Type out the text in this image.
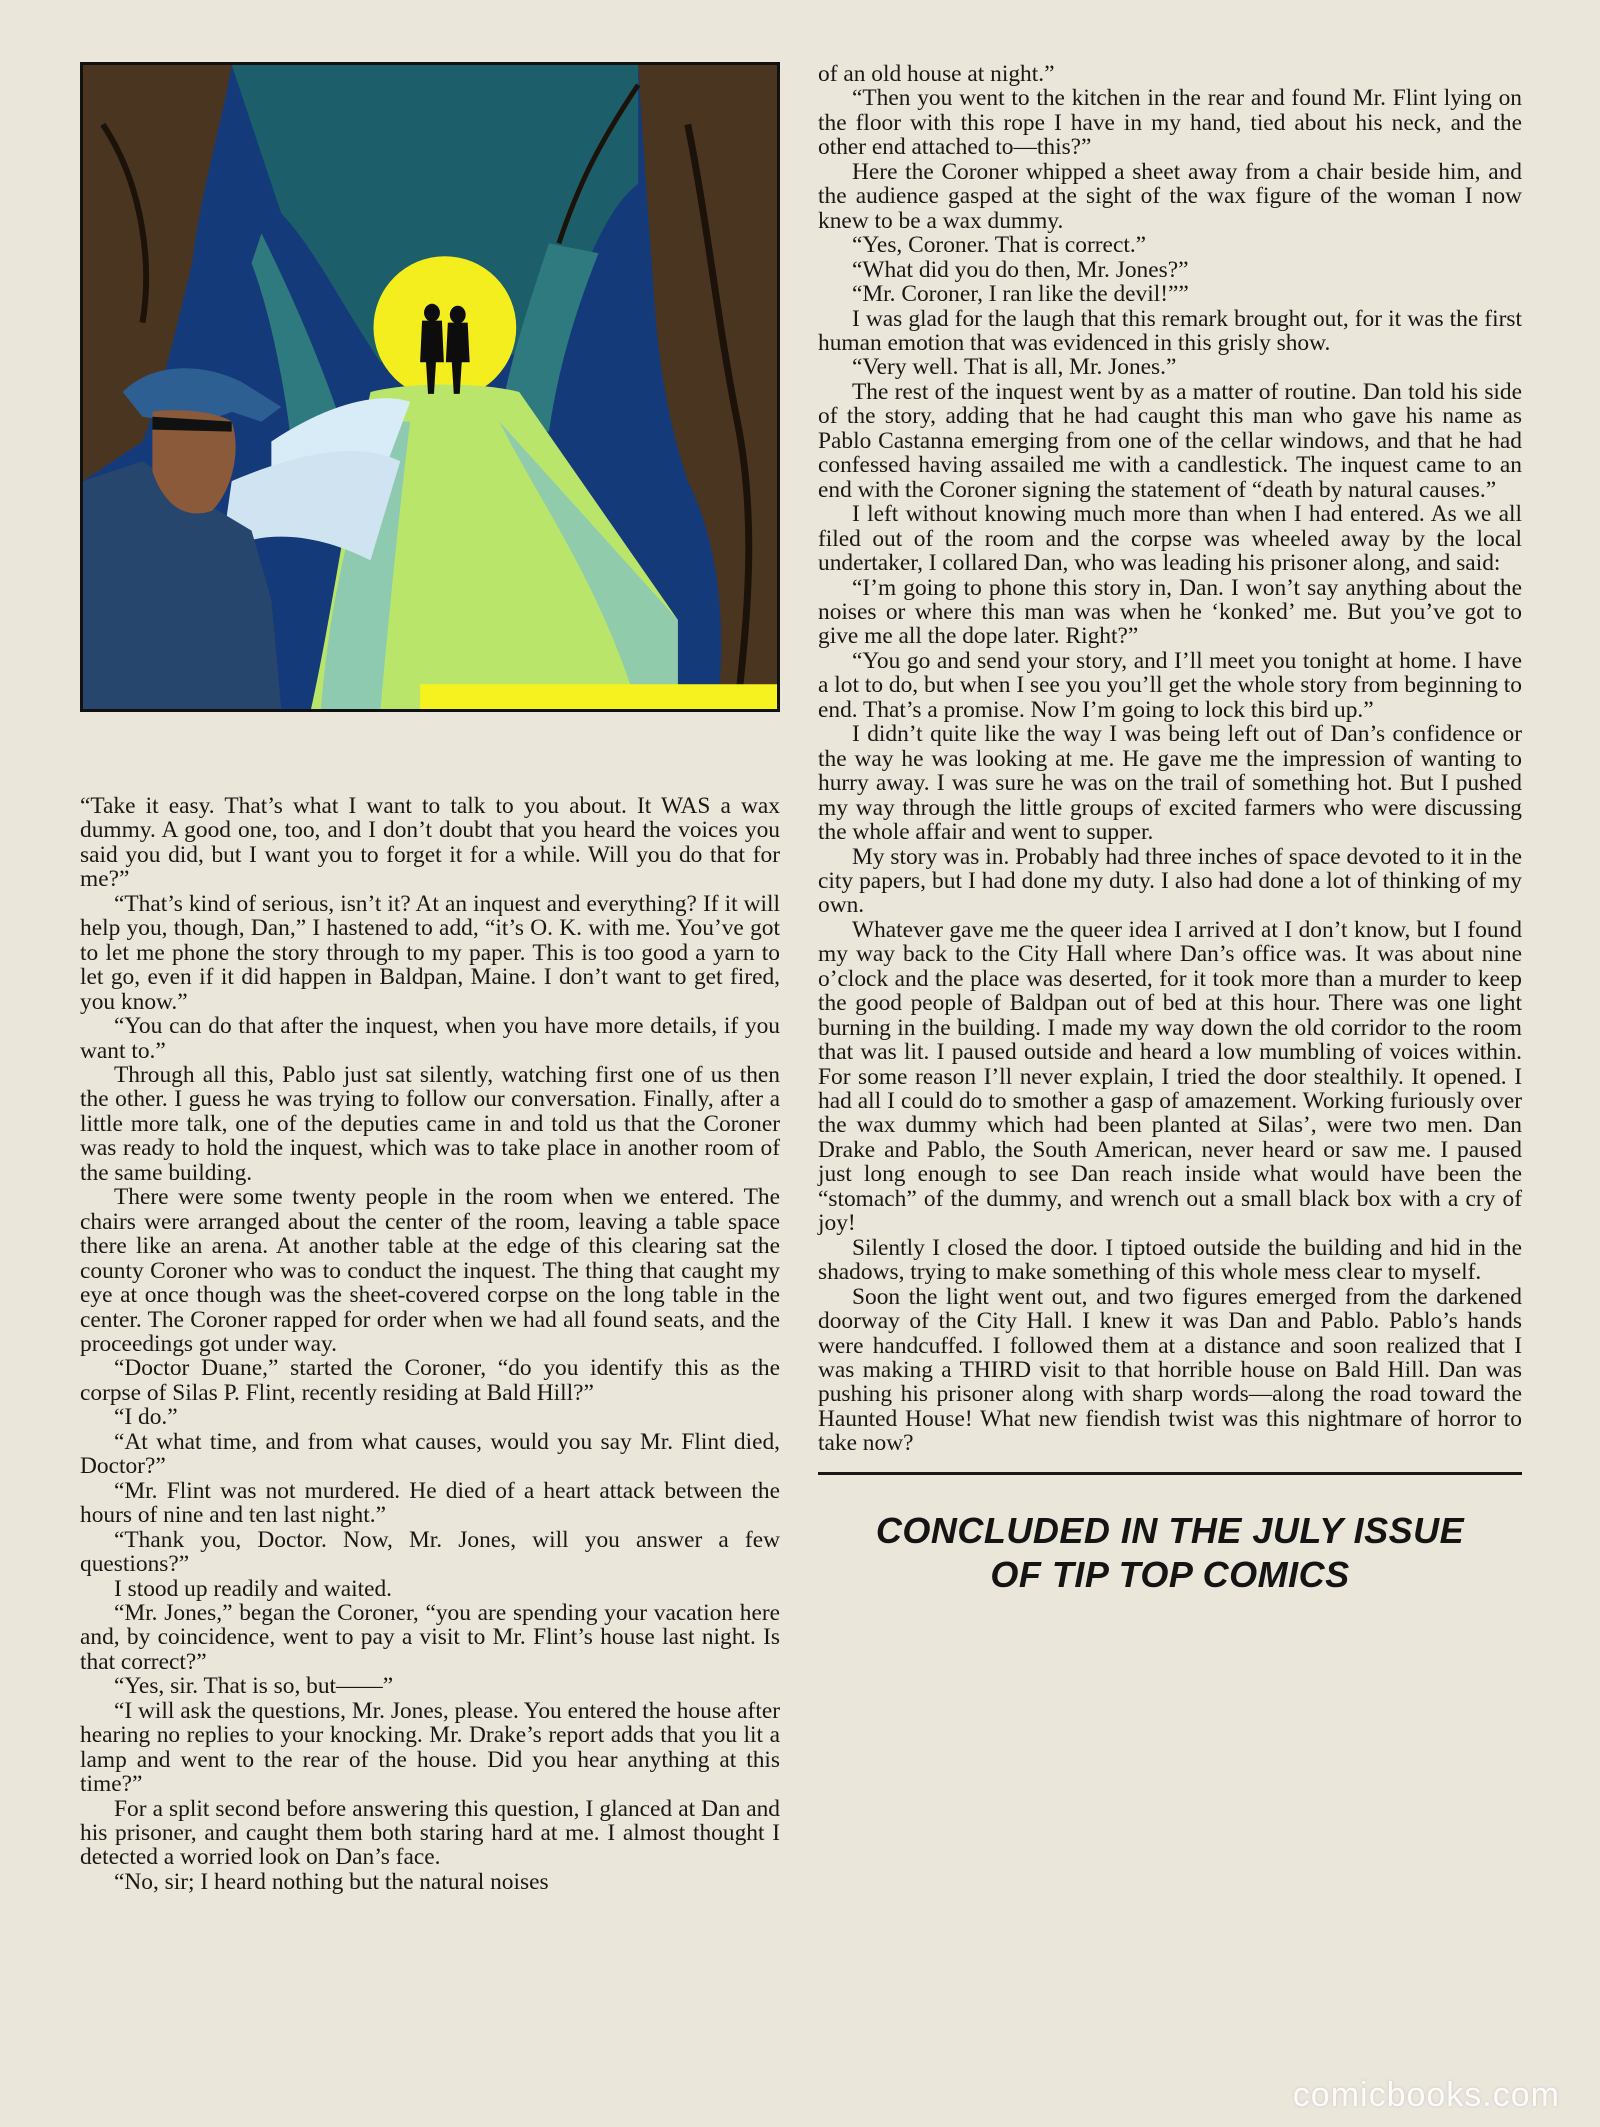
“Take it easy. That’s what I want to talk to you about. It WAS a wax dummy. A good one, too, and I don’t doubt that you heard the voices you said you did, but I want you to forget it for a while. Will you do that for me?”

“That’s kind of serious, isn’t it? At an inquest and everything? If it will help you, though, Dan,” I hastened to add, “it’s O. K. with me. You’ve got to let me phone the story through to my paper. This is too good a yarn to let go, even if it did happen in Baldpan, Maine. I don’t want to get fired, you know.”

“You can do that after the inquest, when you have more details, if you want to.”

Through all this, Pablo just sat silently, watching first one of us then the other. I guess he was trying to follow our conversation. Finally, after a little more talk, one of the deputies came in and told us that the Coroner was ready to hold the inquest, which was to take place in another room of the same building.

There were some twenty people in the room when we entered. The chairs were arranged about the center of the room, leaving a table space there like an arena. At another table at the edge of this clearing sat the county Coroner who was to conduct the inquest. The thing that caught my eye at once though was the sheet-covered corpse on the long table in the center. The Coroner rapped for order when we had all found seats, and the proceedings got under way.

“Doctor Duane,” started the Coroner, “do you identify this as the corpse of Silas P. Flint, recently residing at Bald Hill?”

“I do.”

“At what time, and from what causes, would you say Mr. Flint died, Doctor?”

“Mr. Flint was not murdered. He died of a heart attack between the hours of nine and ten last night.”

“Thank you, Doctor. Now, Mr. Jones, will you answer a few questions?”

I stood up readily and waited.

“Mr. Jones,” began the Coroner, “you are spending your vacation here and, by coincidence, went to pay a visit to Mr. Flint’s house last night. Is that correct?”

“Yes, sir. That is so, but——”

“I will ask the questions, Mr. Jones, please. You entered the house after hearing no replies to your knocking. Mr. Drake’s report adds that you lit a lamp and went to the rear of the house. Did you hear anything at this time?”

For a split second before answering this question, I glanced at Dan and his prisoner, and caught them both staring hard at me. I almost thought I detected a worried look on Dan’s face.

“No, sir; I heard nothing but the natural noises

of an old house at night.”

“Then you went to the kitchen in the rear and found Mr. Flint lying on the floor with this rope I have in my hand, tied about his neck, and the other end attached to—this?”

Here the Coroner whipped a sheet away from a chair beside him, and the audience gasped at the sight of the wax figure of the woman I now knew to be a wax dummy.

“Yes, Coroner. That is correct.”

“What did you do then, Mr. Jones?”

“Mr. Coroner, I ran like the devil!””

I was glad for the laugh that this remark brought out, for it was the first human emotion that was evidenced in this grisly show.

“Very well. That is all, Mr. Jones.”

The rest of the inquest went by as a matter of routine. Dan told his side of the story, adding that he had caught this man who gave his name as Pablo Castanna emerging from one of the cellar windows, and that he had confessed having assailed me with a candlestick. The inquest came to an end with the Coroner signing the statement of “death by natural causes.”

I left without knowing much more than when I had entered. As we all filed out of the room and the corpse was wheeled away by the local undertaker, I collared Dan, who was leading his prisoner along, and said:

“I’m going to phone this story in, Dan. I won’t say anything about the noises or where this man was when he ‘konked’ me. But you’ve got to give me all the dope later. Right?”

“You go and send your story, and I’ll meet you tonight at home. I have a lot to do, but when I see you you’ll get the whole story from beginning to end. That’s a promise. Now I’m going to lock this bird up.”

I didn’t quite like the way I was being left out of Dan’s confidence or the way he was looking at me. He gave me the impression of wanting to hurry away. I was sure he was on the trail of something hot. But I pushed my way through the little groups of excited farmers who were discussing the whole affair and went to supper.

My story was in. Probably had three inches of space devoted to it in the city papers, but I had done my duty. I also had done a lot of thinking of my own.

Whatever gave me the queer idea I arrived at I don’t know, but I found my way back to the City Hall where Dan’s office was. It was about nine o’clock and the place was deserted, for it took more than a murder to keep the good people of Baldpan out of bed at this hour. There was one light burning in the building. I made my way down the old corridor to the room that was lit. I paused outside and heard a low mumbling of voices within. For some reason I’ll never explain, I tried the door stealthily. It opened. I had all I could do to smother a gasp of amazement. Working furiously over the wax dummy which had been planted at Silas’, were two men. Dan Drake and Pablo, the South American, never heard or saw me. I paused just long enough to see Dan reach inside what would have been the “stomach” of the dummy, and wrench out a small black box with a cry of joy!

Silently I closed the door. I tiptoed outside the building and hid in the shadows, trying to make something of this whole mess clear to myself.

Soon the light went out, and two figures emerged from the darkened doorway of the City Hall. I knew it was Dan and Pablo. Pablo’s hands were handcuffed. I followed them at a distance and soon realized that I was making a THIRD visit to that horrible house on Bald Hill. Dan was pushing his prisoner along with sharp words—along the road toward the Haunted House! What new fiendish twist was this nightmare of horror to take now?

CONCLUDED IN THE JULY ISSUE
OF TIP TOP COMICS
comicbooks.com
